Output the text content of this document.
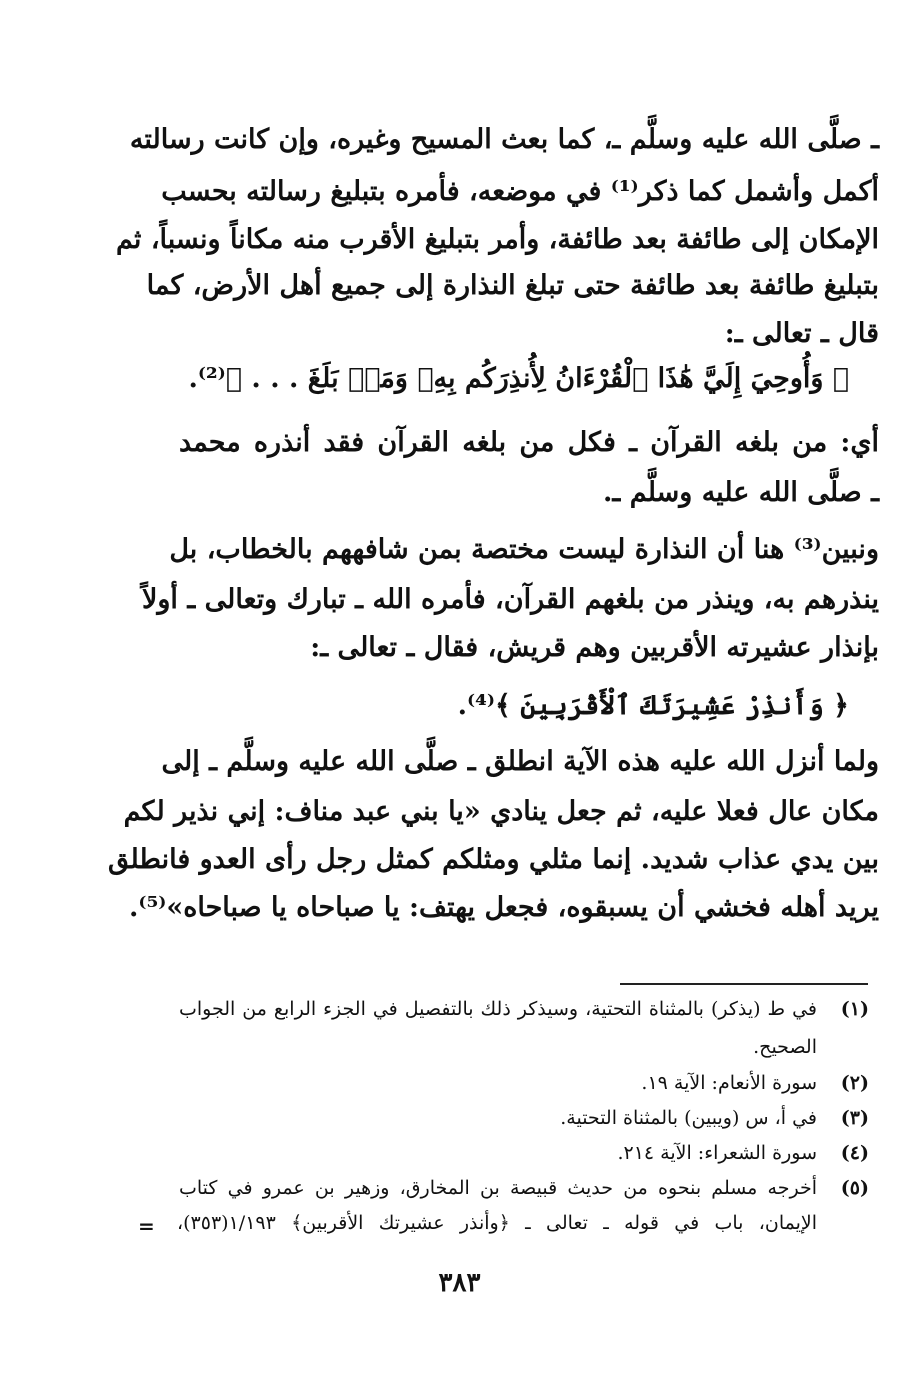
ـ صلَّى الله عليه وسلَّم ـ، كما بعث المسيح وغيره، وإن كانت رسالته
أكمل وأشمل كما ذكر⁽¹⁾ في موضعه، فأمره بتبليغ رسالته بحسب
الإمكان إلى طائفة بعد طائفة، وأمر بتبليغ الأقرب منه مكاناً ونسباً، ثم
بتبليغ طائفة بعد طائفة حتى تبلغ النذارة إلى جميع أهل الأرض، كما
قال ـ تعالى ـ:
﴿ وَأُوحِيَ إِلَيَّ هَٰذَا ٱلْقُرْءَانُ لِأُنذِرَكُم بِهِۦ وَمَنۢ بَلَغَ . . . ﴾⁽²⁾.
أي: من بلغه القرآن ـ فكل من بلغه القرآن فقد أنذره محمد
ـ صلَّى الله عليه وسلَّم ـ.
ونبين⁽³⁾ هنا أن النذارة ليست مختصة بمن شافههم بالخطاب، بل
ينذرهم به، وينذر من بلغهم القرآن، فأمره الله ـ تبارك وتعالى ـ أولاً
بإنذار عشيرته الأقربين وهم قريش، فقال ـ تعالى ـ:
﴿ وَأَنذِرْ عَشِيرَتَكَ ٱلْأَقْرَبِينَ ﴾⁽⁴⁾.
ولما أنزل الله عليه هذه الآية انطلق ـ صلَّى الله عليه وسلَّم ـ إلى
مكان عال فعلا عليه، ثم جعل ينادي «يا بني عبد مناف: إني نذير لكم
بين يدي عذاب شديد. إنما مثلي ومثلكم كمثل رجل رأى العدو فانطلق
يريد أهله فخشي أن يسبقوه، فجعل يهتف: يا صباحاه يا صباحاه»⁽⁵⁾.
(١)
في ط (يذكر) بالمثناة التحتية، وسيذكر ذلك بالتفصيل في الجزء الرابع من الجواب
الصحيح.
(٢)
سورة الأنعام: الآية ١٩.
(٣)
في أ، س (ويبين) بالمثناة التحتية.
(٤)
سورة الشعراء: الآية ٢١٤.
(٥)
أخرجه مسلم بنحوه من حديث قبيصة بن المخارق، وزهير بن عمرو في كتاب
الإيمان، باب في قوله ـ تعالى ـ ﴿وأنذر عشيرتك الأقربين﴾ ١/١٩٣(٣٥٣)،
=
٣٨٣
